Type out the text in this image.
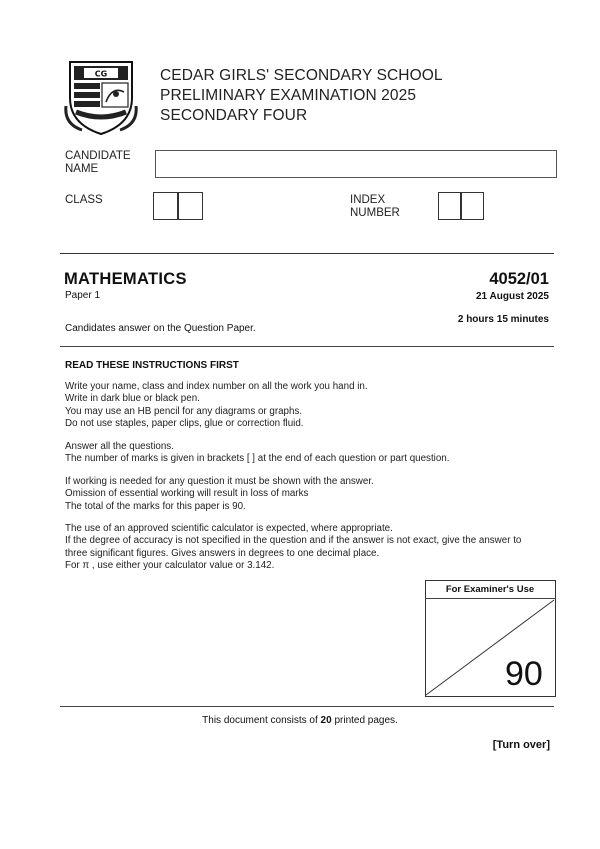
CG	CEDAR GIRLS' SECONDARY SCHOOL
PRELIMINARY EXAMINATION 2025
SECONDARY FOUR
CANDIDATE
NAME
CLASS	INDEX
NUMBER
MATHEMATICS
Paper 1
4052/01
21 August 2025
2 hours 15 minutes
Candidates answer on the Question Paper.
READ THESE INSTRUCTIONS FIRST

Write your name, class and index number on all the work you hand in.

Write in dark blue or black pen.

You may use an HB pencil for any diagrams or graphs.

Do not use staples, paper clips, glue or correction fluid.

Answer all the questions.

The number of marks is given in brackets [ ] at the end of each question or part question.

If working is needed for any question it must be shown with the answer.

Omission of essential working will result in loss of marks

The total of the marks for this paper is 90.

The use of an approved scientific calculator is expected, where appropriate.

If the degree of accuracy is not specified in the question and if the answer is not exact, give the answer to

three significant figures. Gives answers in degrees to one decimal place.

For π , use either your calculator value or 3.142.

For Examiner's Use
90
This document consists of 20 printed pages.
[Turn over]
